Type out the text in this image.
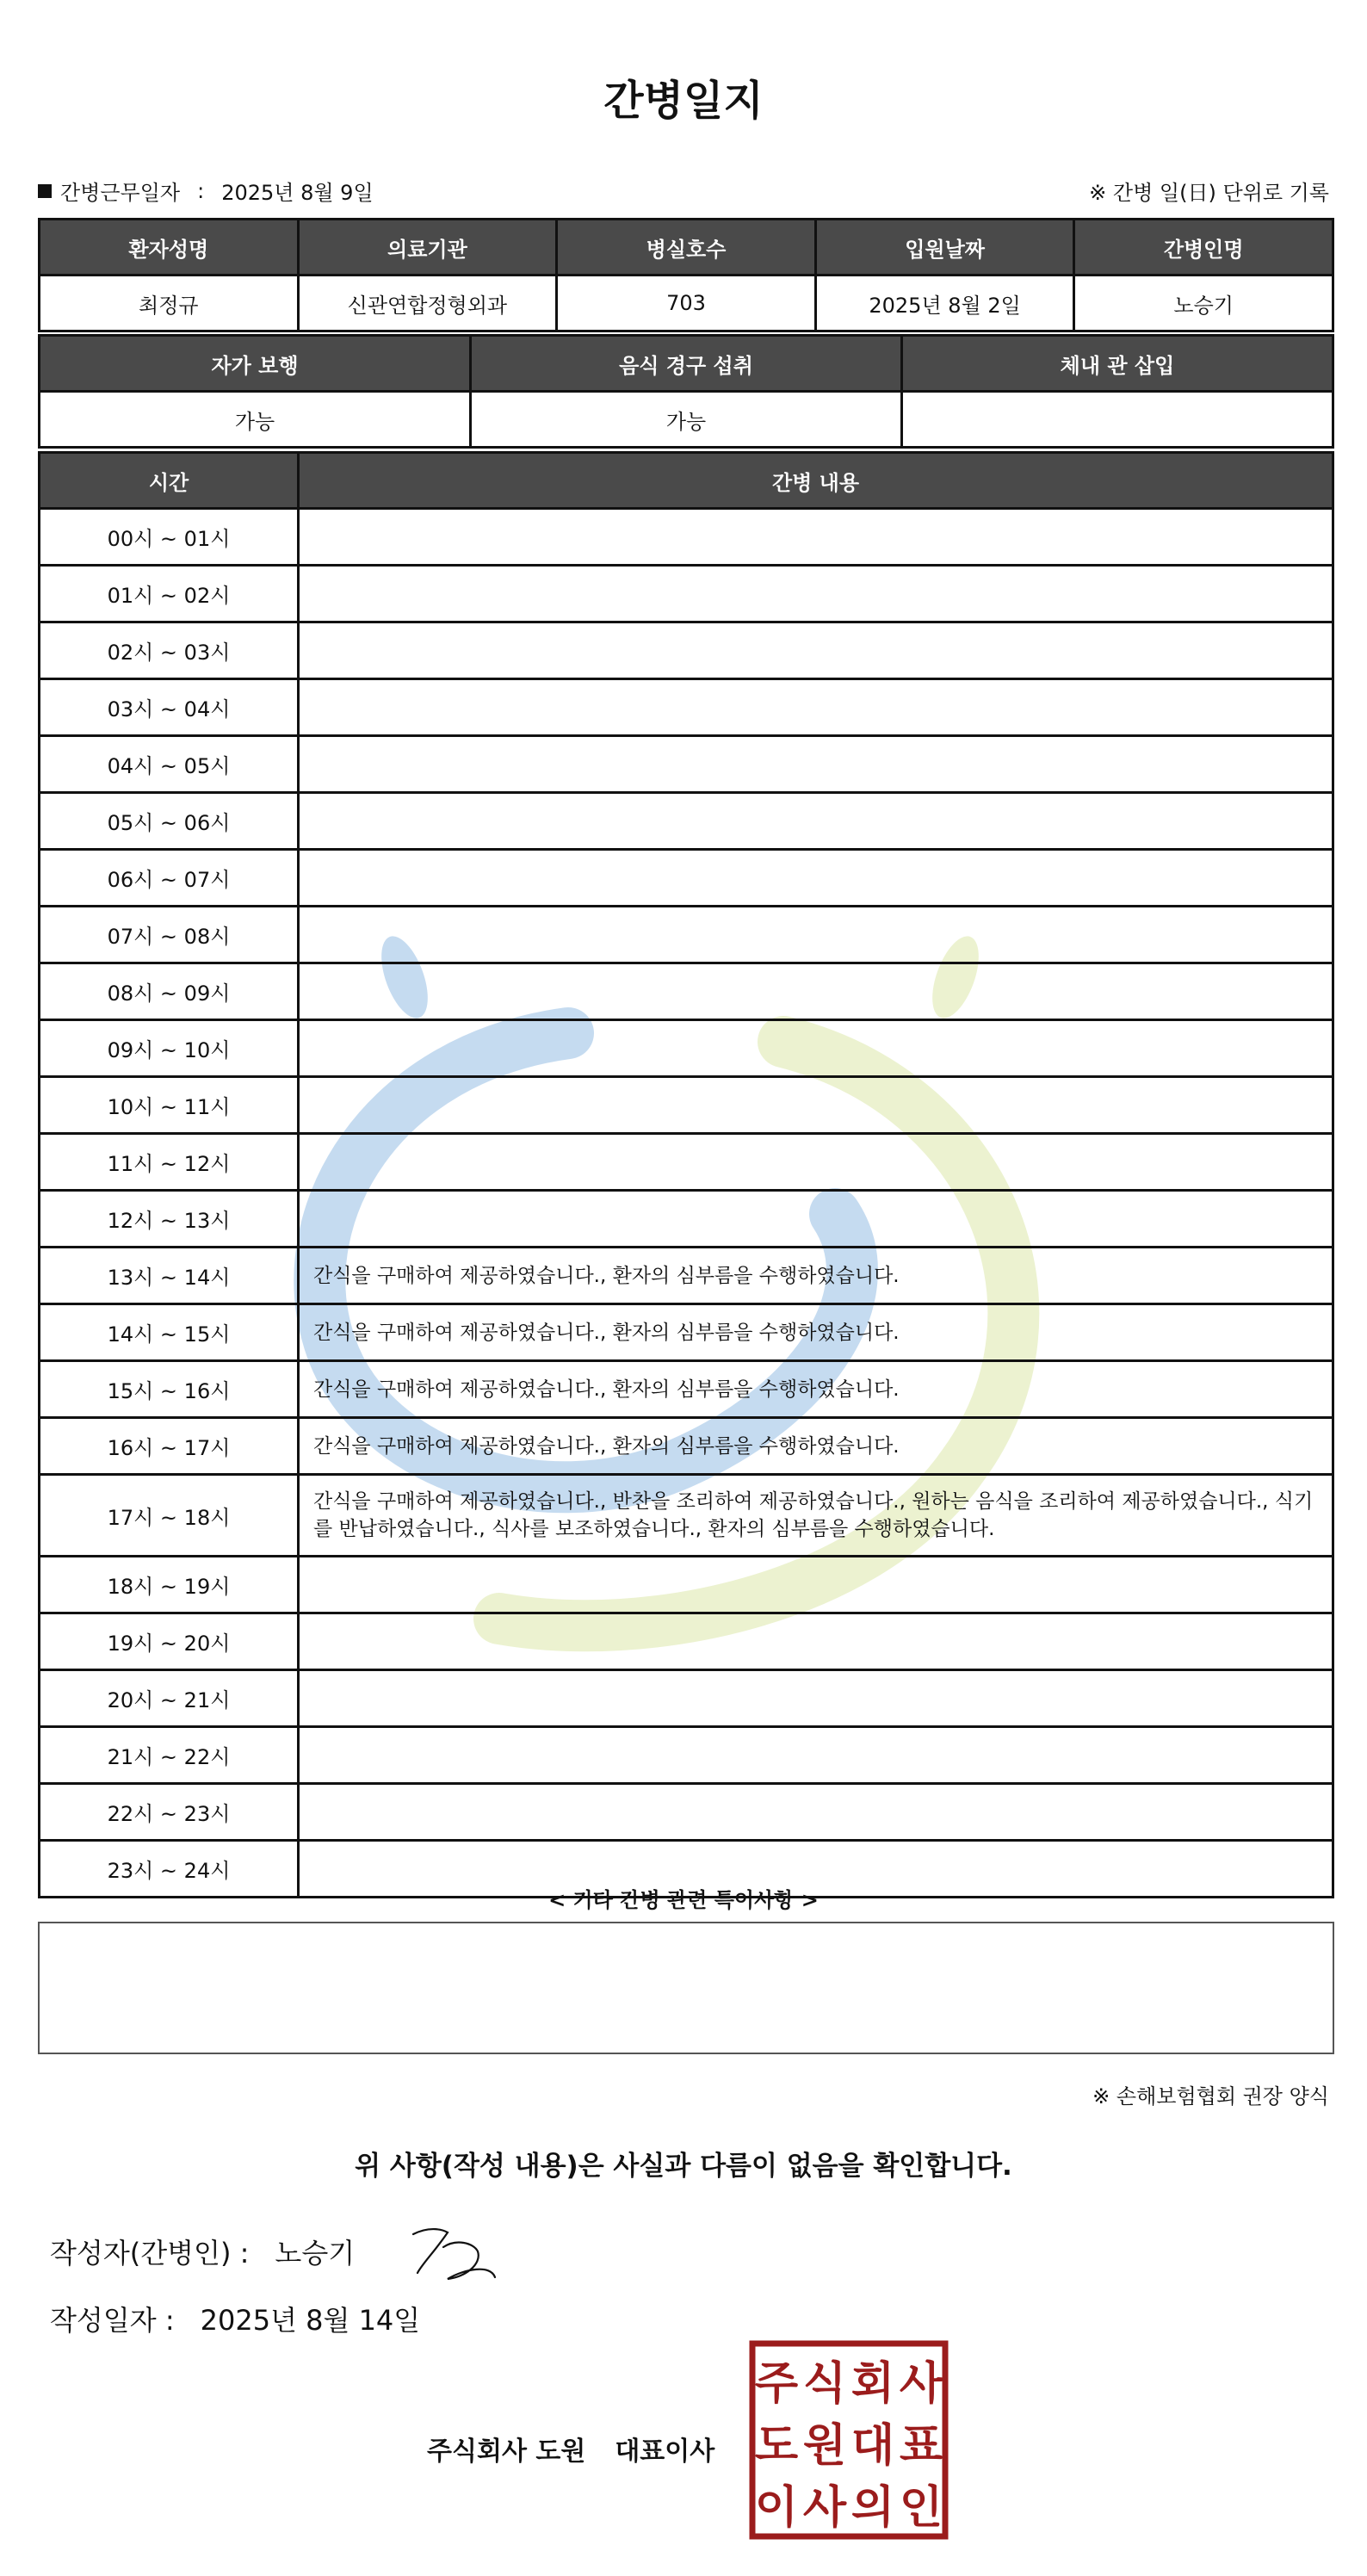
간병일지
간병근무일자 : 2025년 8월 9일	※ 간병 일(日) 단위로 기록
환자성명	의료기관	병실호수	입원날짜	간병인명
최정규	신관연합정형외과	703	2025년 8월 2일	노승기
자가 보행	음식 경구 섭취	체내 관 삽입
가능	가능	
시간	간병 내용
00시 ~ 01시	
01시 ~ 02시	
02시 ~ 03시	
03시 ~ 04시	
04시 ~ 05시	
05시 ~ 06시	
06시 ~ 07시	
07시 ~ 08시	
08시 ~ 09시	
09시 ~ 10시	
10시 ~ 11시	
11시 ~ 12시	
12시 ~ 13시	
13시 ~ 14시	간식을 구매하여 제공하였습니다., 환자의 심부름을 수행하였습니다.
14시 ~ 15시	간식을 구매하여 제공하였습니다., 환자의 심부름을 수행하였습니다.
15시 ~ 16시	간식을 구매하여 제공하였습니다., 환자의 심부름을 수행하였습니다.
16시 ~ 17시	간식을 구매하여 제공하였습니다., 환자의 심부름을 수행하였습니다.
17시 ~ 18시	간식을 구매하여 제공하였습니다., 반찬을 조리하여 제공하였습니다., 원하는 음식을 조리하여 제공하였습니다., 식기를 반납하였습니다., 식사를 보조하였습니다., 환자의 심부름을 수행하였습니다.
18시 ~ 19시	
19시 ~ 20시	
20시 ~ 21시	
21시 ~ 22시	
22시 ~ 23시	
23시 ~ 24시	
< 기타 간병 관련 특이사항 >
※ 손해보험협회 권장 양식
위 사항(작성 내용)은 사실과 다름이 없음을 확인합니다.
작성자(간병인) : 노승기
작성일자 : 2025년 8월 14일
주식회사 도원 대표이사
주 식 회 사
도 원 대 표
이 사 의 인
